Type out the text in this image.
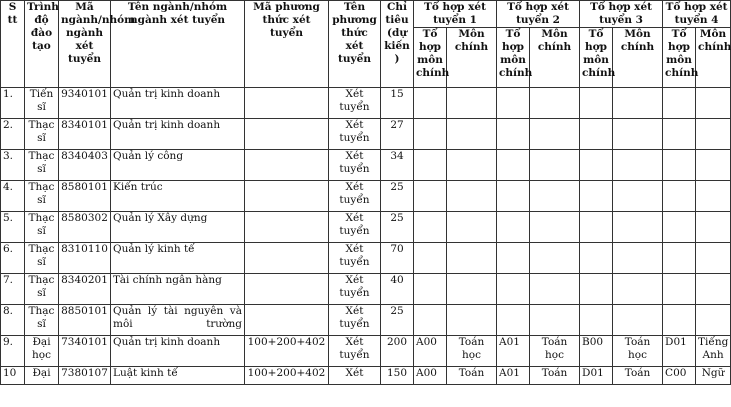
S tt	Trình độ đào tạo	Mã ngành/nhóm ngành xét tuyển	Tên ngành/nhóm ngành xét tuyển	Mã phương thức xét tuyển	Tên phương thức xét tuyển	Chỉ tiêu (dự kiến )	Tổ hợp xét tuyển 1		Tổ hợp xét tuyển 2		Tổ hợp xét tuyển 3		Tổ hợp xét tuyển 4	
							Tổ hợp môn chính	Môn chính	Tổ hợp môn chính	Môn chính	Tổ hợp môn chính	Môn chính	Tổ hợp môn chính	Môn chính
1.	Tiến sĩ	9340101	Quản trị kinh doanh		Xét tuyển	15								
2.	Thạc sĩ	8340101	Quản trị kinh doanh		Xét tuyển	27								
3.	Thạc sĩ	8340403	Quản lý công		Xét tuyển	34								
4.	Thạc sĩ	8580101	Kiến trúc		Xét tuyển	25								
5.	Thạc sĩ	8580302	Quản lý Xây dựng		Xét tuyển	25								
6.	Thạc sĩ	8310110	Quản lý kinh tế		Xét tuyển	70								
7.	Thạc sĩ	8340201	Tài chính ngân hàng		Xét tuyển	40								
8.	Thạc sĩ	8850101	Quản lý tài nguyên và môi trường		Xét tuyển	25								
9.	Đại học	7340101	Quản trị kinh doanh	100+200+402	Xét tuyển	200	A00	Toán học	A01	Toán học	B00	Toán học	D01	Tiếng Anh
10	Đại	7380107	Luật kinh tế	100+200+402	Xét	150	A00	Toán	A01	Toán	D01	Toán	C00	Ngữ
